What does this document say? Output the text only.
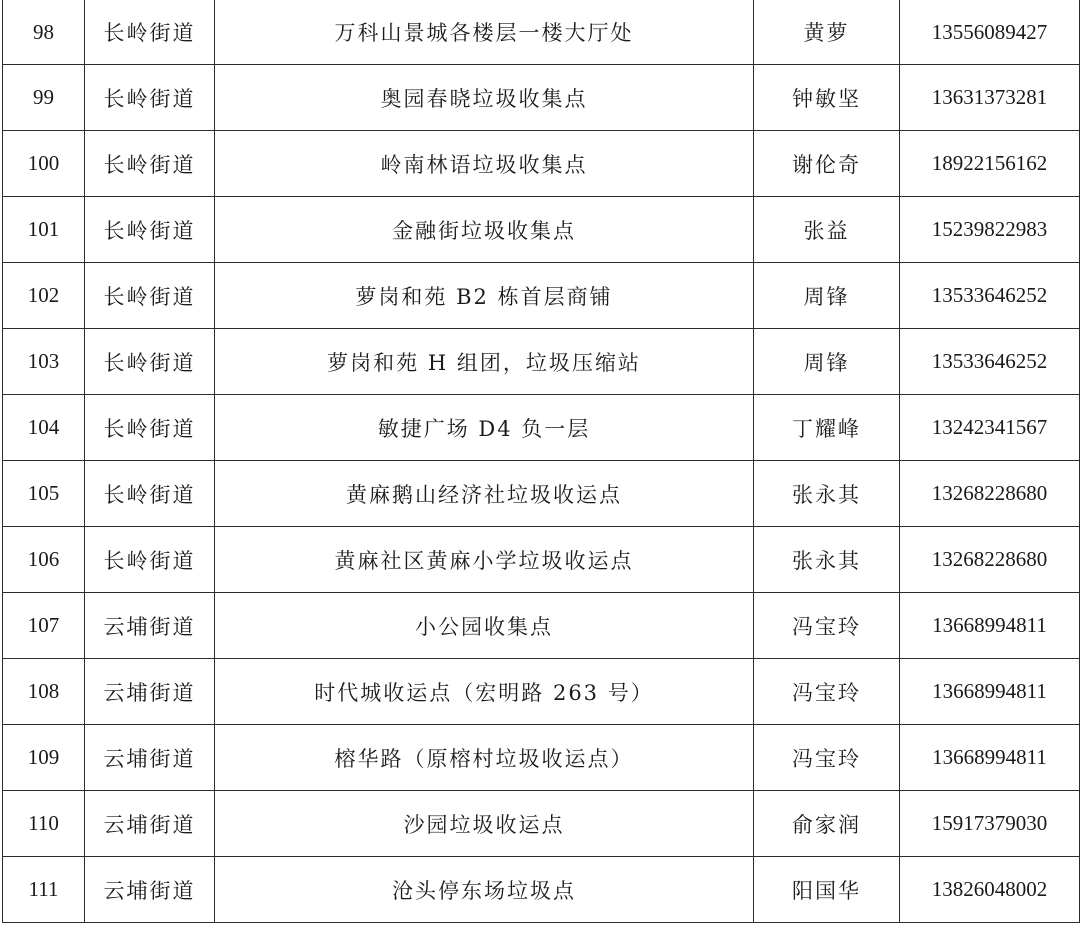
98	长岭街道	万科山景城各楼层一楼大厅处	黄萝	13556089427
99	长岭街道	奥园春晓垃圾收集点	钟敏坚	13631373281
100	长岭街道	岭南林语垃圾收集点	谢伦奇	18922156162
101	长岭街道	金融街垃圾收集点	张益	15239822983
102	长岭街道	萝岗和苑 B2 栋首层商铺	周锋	13533646252
103	长岭街道	萝岗和苑 H 组团，垃圾压缩站	周锋	13533646252
104	长岭街道	敏捷广场 D4 负一层	丁耀峰	13242341567
105	长岭街道	黄麻鹅山经济社垃圾收运点	张永其	13268228680
106	长岭街道	黄麻社区黄麻小学垃圾收运点	张永其	13268228680
107	云埔街道	小公园收集点	冯宝玲	13668994811
108	云埔街道	时代城收运点（宏明路 263 号）	冯宝玲	13668994811
109	云埔街道	榕华路（原榕村垃圾收运点）	冯宝玲	13668994811
110	云埔街道	沙园垃圾收运点	俞家润	15917379030
111	云埔街道	沧头停东场垃圾点	阳国华	13826048002
